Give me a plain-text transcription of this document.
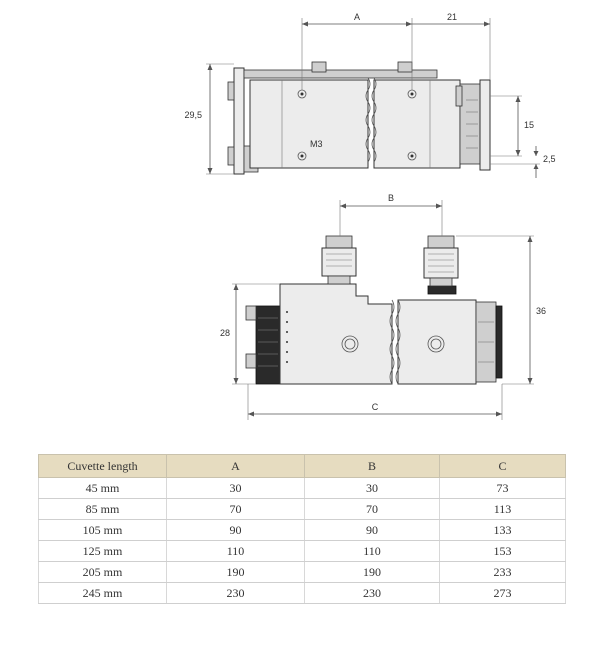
A	21
29,5
15
2,5
M3
B
36
28
C
Cuvette length	A	B	C
45 mm	30	30	73
85 mm	70	70	113
105 mm	90	90	133
125 mm	110	110	153
205 mm	190	190	233
245 mm	230	230	273
